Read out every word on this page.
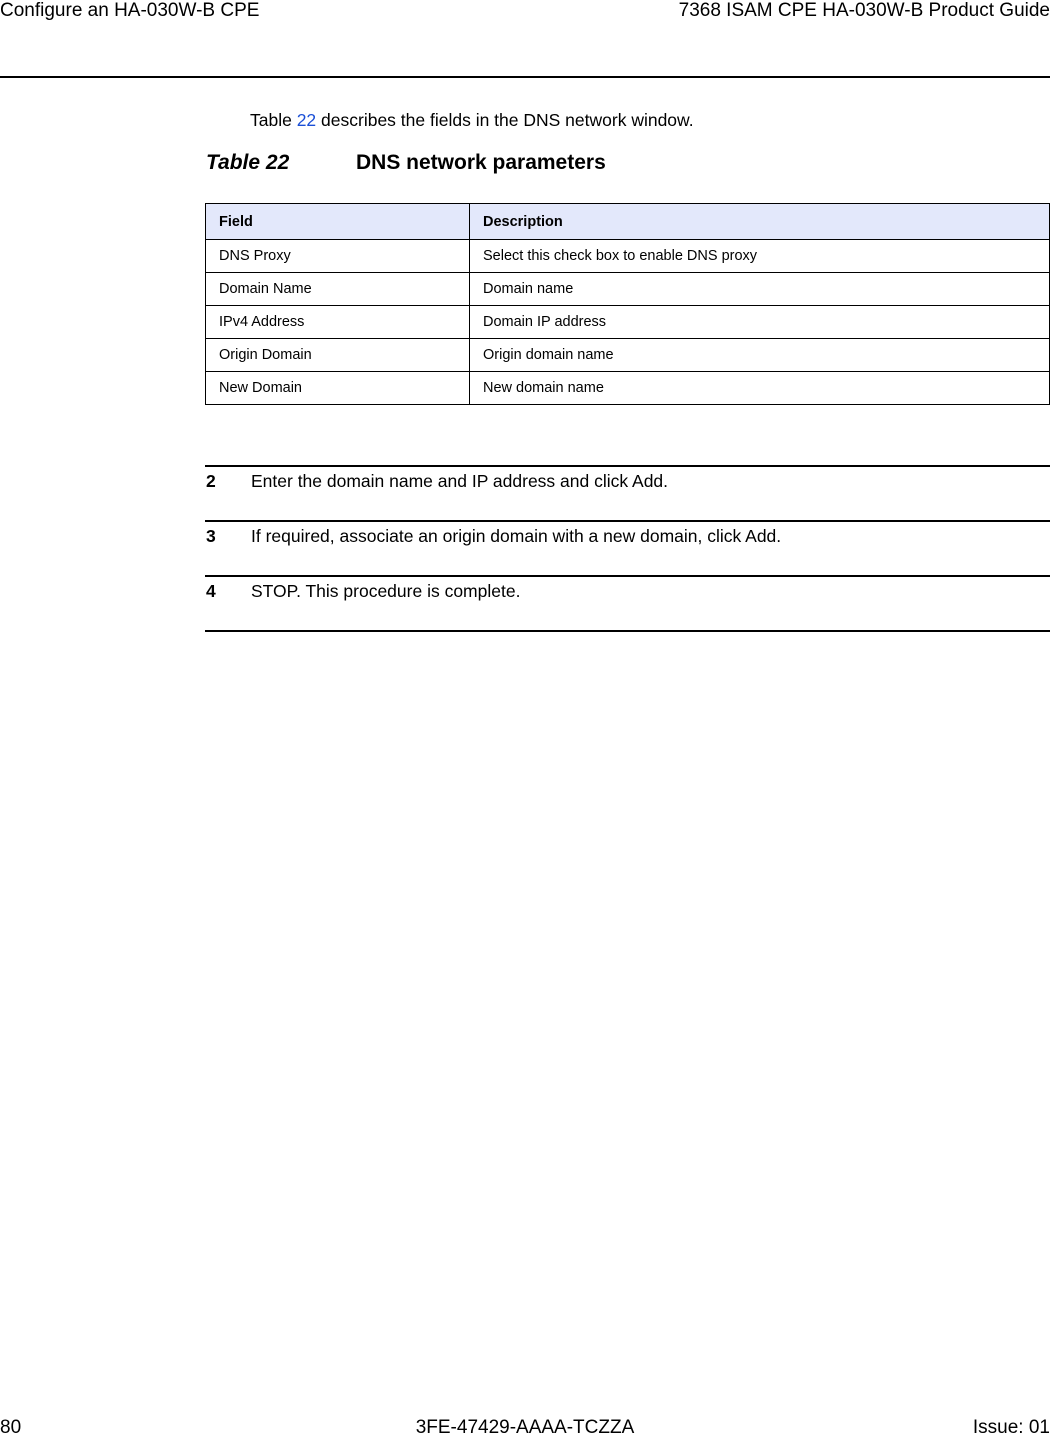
Configure an HA-030W-B CPE	7368 ISAM CPE HA-030W-B Product Guide
Table 22 describes the fields in the DNS network window.
Table 22	DNS network parameters
Field	Description
DNS Proxy	Select this check box to enable DNS proxy
Domain Name	Domain name
IPv4 Address	Domain IP address
Origin Domain	Origin domain name
New Domain	New domain name
2 Enter the domain name and IP address and click Add.
3 If required, associate an origin domain with a new domain, click Add.
4 STOP. This procedure is complete.
80	3FE-47429-AAAA-TCZZA	Issue: 01
